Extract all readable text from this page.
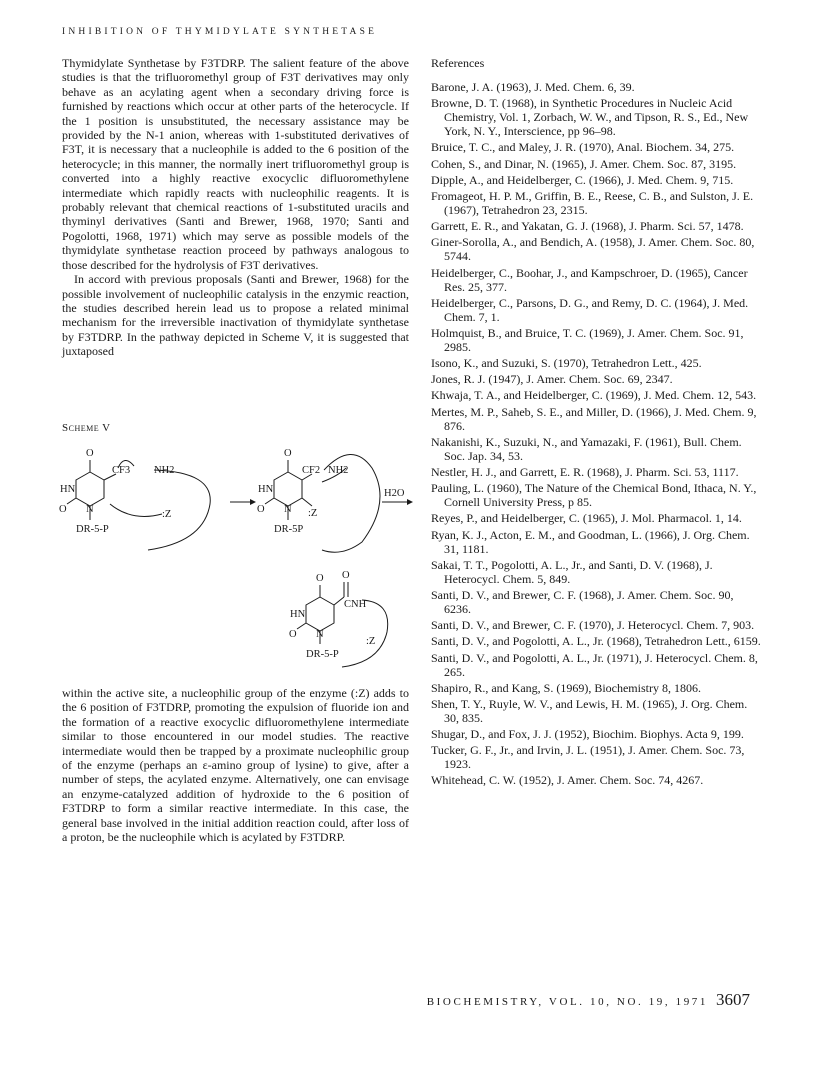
INHIBITION OF THYMIDYLATE SYNTHETASE

Thymidylate Synthetase by F3TDRP. The salient feature of the above studies is that the trifluoromethyl group of F3T derivatives may only behave as an acylating agent when a secondary driving force is furnished by reactions which occur at other parts of the heterocycle. If the 1 position is unsubstituted, the necessary assistance may be provided by the N-1 anion, whereas with 1-substituted derivatives of F3T, it is necessary that a nucleophile is added to the 6 position of the heterocycle; in this manner, the normally inert trifluoromethyl group is converted into a highly reactive exocyclic difluoromethylene intermediate which rapidly reacts with nucleophilic reagents. It is probably relevant that chemical reactions of 1-substituted uracils and thyminyl derivatives (Santi and Brewer, 1968, 1970; Santi and Pogolotti, 1968, 1971) which may serve as possible models of the thymidylate synthetase reaction proceed by pathways analogous to those described for the hydrolysis of F3T derivatives.

In accord with previous proposals (Santi and Brewer, 1968) for the possible involvement of nucleophilic catalysis in the enzymic reaction, the studies described herein lead us to propose a related minimal mechanism for the irreversible inactivation of thymidylate synthetase by F3TDRP. In the pathway depicted in Scheme V, it is suggested that juxtaposed

within the active site, a nucleophilic group of the enzyme (:Z) adds to the 6 position of F3TDRP, promoting the expulsion of fluoride ion and the formation of a reactive exocyclic difluoromethylene intermediate similar to those encountered in our model studies. The reactive intermediate would then be trapped by a proximate nucleophilic group of the enzyme (perhaps an ε-amino group of lysine) to give, after a number of steps, the acylated enzyme. Alternatively, one can envisage an enzyme-catalyzed addition of hydroxide to the 6 position of F3TDRP to form a similar reactive intermediate. In this case, the general base involved in the initial addition reaction could, after loss of a proton, be the nucleophile which is acylated by F3TDRP.

Scheme V
O
HN
O N
CF3 NH2
:Z
DR-5-P
O
HN
O N
CF2 NH2
:Z
DR-5P
H2O
O O
HN
O N
CNH
:Z
DR-5-P
References
Barone, J. A. (1963), J. Med. Chem. 6, 39.
Browne, D. T. (1968), in Synthetic Procedures in Nucleic Acid Chemistry, Vol. 1, Zorbach, W. W., and Tipson, R. S., Ed., New York, N. Y., Interscience, pp 96–98.
Bruice, T. C., and Maley, J. R. (1970), Anal. Biochem. 34, 275.
Cohen, S., and Dinar, N. (1965), J. Amer. Chem. Soc. 87, 3195.
Dipple, A., and Heidelberger, C. (1966), J. Med. Chem. 9, 715.
Fromageot, H. P. M., Griffin, B. E., Reese, C. B., and Sulston, J. E. (1967), Tetrahedron 23, 2315.
Garrett, E. R., and Yakatan, G. J. (1968), J. Pharm. Sci. 57, 1478.
Giner-Sorolla, A., and Bendich, A. (1958), J. Amer. Chem. Soc. 80, 5744.
Heidelberger, C., Boohar, J., and Kampschroer, D. (1965), Cancer Res. 25, 377.
Heidelberger, C., Parsons, D. G., and Remy, D. C. (1964), J. Med. Chem. 7, 1.
Holmquist, B., and Bruice, T. C. (1969), J. Amer. Chem. Soc. 91, 2985.
Isono, K., and Suzuki, S. (1970), Tetrahedron Lett., 425.
Jones, R. J. (1947), J. Amer. Chem. Soc. 69, 2347.
Khwaja, T. A., and Heidelberger, C. (1969), J. Med. Chem. 12, 543.
Mertes, M. P., Saheb, S. E., and Miller, D. (1966), J. Med. Chem. 9, 876.
Nakanishi, K., Suzuki, N., and Yamazaki, F. (1961), Bull. Chem. Soc. Jap. 34, 53.
Nestler, H. J., and Garrett, E. R. (1968), J. Pharm. Sci. 53, 1117.
Pauling, L. (1960), The Nature of the Chemical Bond, Ithaca, N. Y., Cornell University Press, p 85.
Reyes, P., and Heidelberger, C. (1965), J. Mol. Pharmacol. 1, 14.
Ryan, K. J., Acton, E. M., and Goodman, L. (1966), J. Org. Chem. 31, 1181.
Sakai, T. T., Pogolotti, A. L., Jr., and Santi, D. V. (1968), J. Heterocycl. Chem. 5, 849.
Santi, D. V., and Brewer, C. F. (1968), J. Amer. Chem. Soc. 90, 6236.
Santi, D. V., and Brewer, C. F. (1970), J. Heterocycl. Chem. 7, 903.
Santi, D. V., and Pogolotti, A. L., Jr. (1968), Tetrahedron Lett., 6159.
Santi, D. V., and Pogolotti, A. L., Jr. (1971), J. Heterocycl. Chem. 8, 265.
Shapiro, R., and Kang, S. (1969), Biochemistry 8, 1806.
Shen, T. Y., Ruyle, W. V., and Lewis, H. M. (1965), J. Org. Chem. 30, 835.
Shugar, D., and Fox, J. J. (1952), Biochim. Biophys. Acta 9, 199.
Tucker, G. F., Jr., and Irvin, J. L. (1951), J. Amer. Chem. Soc. 73, 1923.
Whitehead, C. W. (1952), J. Amer. Chem. Soc. 74, 4267.
BIOCHEMISTRY, VOL. 10, NO. 19, 1971 3607
